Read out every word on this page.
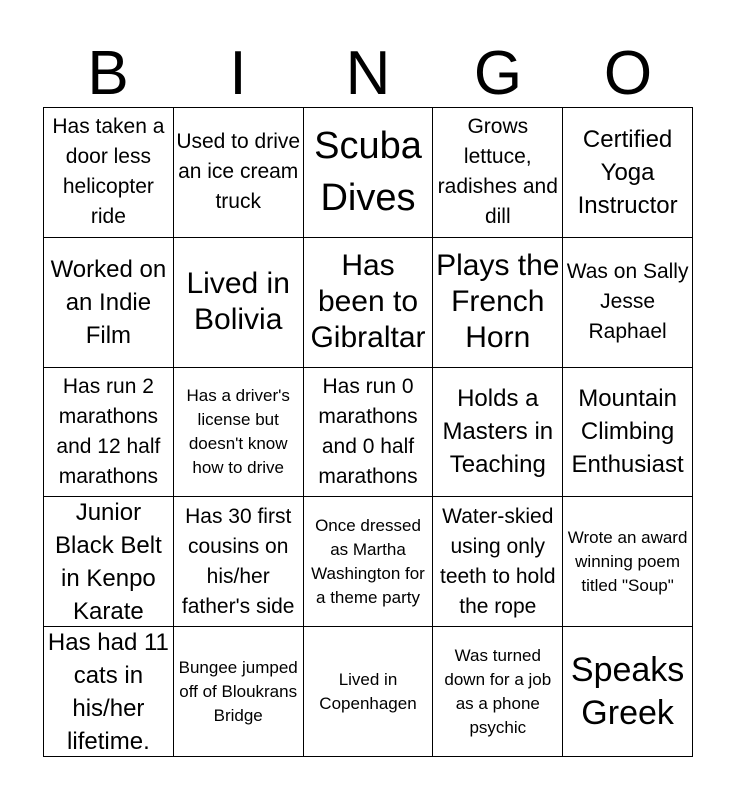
B	I	N	G	O
Has taken a door less helicopter ride
Used to drive an ice cream truck
Scuba Dives
Grows lettuce, radishes and dill
Certified Yoga Instructor
Worked on an Indie Film
Lived in Bolivia
Has been to Gibraltar
Plays the French Horn
Was on Sally Jesse Raphael
Has run 2 marathons and 12 half marathons
Has a driver's license but doesn't know how to drive
Has run 0 marathons and 0 half marathons
Holds a Masters in Teaching
Mountain Climbing Enthusiast
Junior Black Belt in Kenpo Karate
Has 30 first cousins on his/her father's side
Once dressed as Martha Washington for a theme party
Water-skied using only teeth to hold the rope
Wrote an award winning poem titled "Soup"
Has had 11 cats in his/her lifetime.
Bungee jumped off of Bloukrans Bridge
Lived in Copenhagen
Was turned down for a job as a phone psychic
Speaks Greek
